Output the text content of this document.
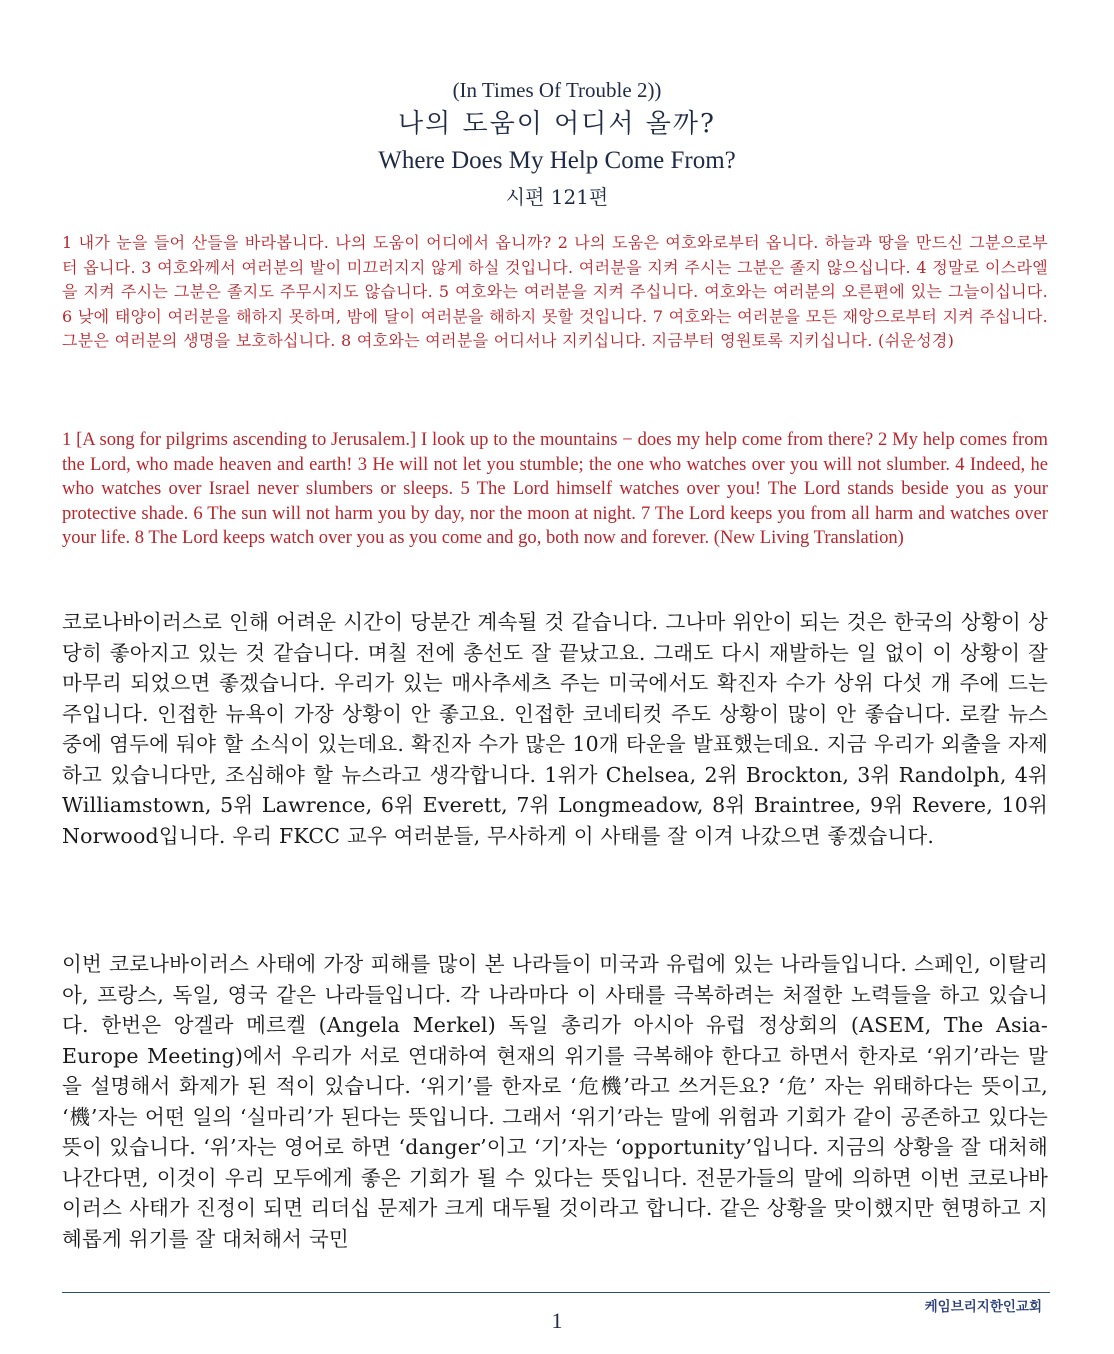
(In Times Of Trouble 2))

나의 도움이 어디서 올까?
Where Does My Help Come From?

시편 121편

1 내가 눈을 들어 산들을 바라봅니다. 나의 도움이 어디에서 옵니까? 2 나의 도움은 여호와로부터 옵니다. 하늘과 땅을 만드신 그분으로부터 옵니다. 3 여호와께서 여러분의 발이 미끄러지지 않게 하실 것입니다. 여러분을 지켜 주시는 그분은 졸지 않으십니다. 4 정말로 이스라엘을 지켜 주시는 그분은 졸지도 주무시지도 않습니다. 5 여호와는 여러분을 지켜 주십니다. 여호와는 여러분의 오른편에 있는 그늘이십니다. 6 낮에 태양이 여러분을 해하지 못하며, 밤에 달이 여러분을 해하지 못할 것입니다. 7 여호와는 여러분을 모든 재앙으로부터 지켜 주십니다. 그분은 여러분의 생명을 보호하십니다. 8 여호와는 여러분을 어디서나 지키십니다. 지금부터 영원토록 지키십니다. (쉬운성경)

1 [A song for pilgrims ascending to Jerusalem.] I look up to the mountains − does my help come from there? 2 My help comes from the Lord, who made heaven and earth! 3 He will not let you stumble; the one who watches over you will not slumber. 4 Indeed, he who watches over Israel never slumbers or sleeps. 5 The Lord himself watches over you! The Lord stands beside you as your protective shade. 6 The sun will not harm you by day, nor the moon at night. 7 The Lord keeps you from all harm and watches over your life. 8 The Lord keeps watch over you as you come and go, both now and forever. (New Living Translation)

코로나바이러스로 인해 어려운 시간이 당분간 계속될 것 같습니다. 그나마 위안이 되는 것은 한국의 상황이 상당히 좋아지고 있는 것 같습니다. 며칠 전에 총선도 잘 끝났고요. 그래도 다시 재발하는 일 없이 이 상황이 잘 마무리 되었으면 좋겠습니다. 우리가 있는 매사추세츠 주는 미국에서도 확진자 수가 상위 다섯 개 주에 드는 주입니다. 인접한 뉴욕이 가장 상황이 안 좋고요. 인접한 코네티컷 주도 상황이 많이 안 좋습니다. 로칼 뉴스 중에 염두에 둬야 할 소식이 있는데요. 확진자 수가 많은 10개 타운을 발표했는데요. 지금 우리가 외출을 자제하고 있습니다만, 조심해야 할 뉴스라고 생각합니다. 1위가 Chelsea, 2위 Brockton, 3위 Randolph, 4위 Williamstown, 5위 Lawrence, 6위 Everett, 7위 Longmeadow, 8위 Braintree, 9위 Revere, 10위 Norwood입니다. 우리 FKCC 교우 여러분들, 무사하게 이 사태를 잘 이겨 나갔으면 좋겠습니다.

이번 코로나바이러스 사태에 가장 피해를 많이 본 나라들이 미국과 유럽에 있는 나라들입니다. 스페인, 이탈리아, 프랑스, 독일, 영국 같은 나라들입니다. 각 나라마다 이 사태를 극복하려는 처절한 노력들을 하고 있습니다. 한번은 앙겔라 메르켈 (Angela Merkel) 독일 총리가 아시아 유럽 정상회의 (ASEM, The Asia-Europe Meeting)에서 우리가 서로 연대하여 현재의 위기를 극복해야 한다고 하면서 한자로 ‘위기’라는 말을 설명해서 화제가 된 적이 있습니다. ‘위기’를 한자로 ‘危機’라고 쓰거든요? ‘危’ 자는 위태하다는 뜻이고, ‘機’자는 어떤 일의 ‘실마리’가 된다는 뜻입니다. 그래서 ‘위기’라는 말에 위험과 기회가 같이 공존하고 있다는 뜻이 있습니다. ‘위’자는 영어로 하면 ‘danger’이고 ‘기’자는 ‘opportunity’입니다. 지금의 상황을 잘 대처해 나간다면, 이것이 우리 모두에게 좋은 기회가 될 수 있다는 뜻입니다. 전문가들의 말에 의하면 이번 코로나바이러스 사태가 진정이 되면 리더십 문제가 크게 대두될 것이라고 합니다. 같은 상황을 맞이했지만 현명하고 지혜롭게 위기를 잘 대처해서 국민

케임브리지한인교회

1
